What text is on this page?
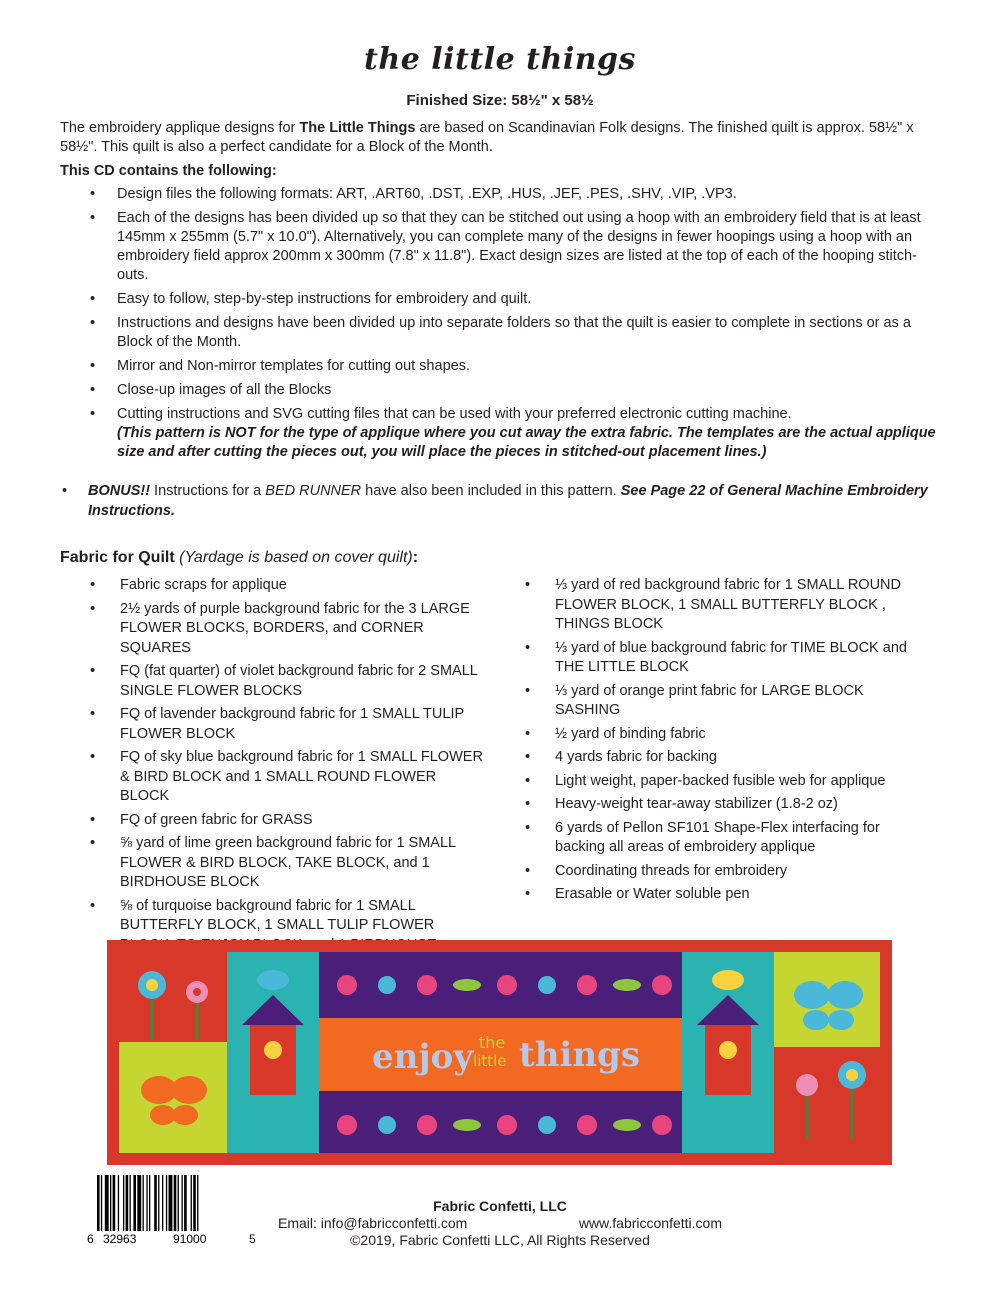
the little things
Finished Size: 58½" x 58½
The embroidery applique designs for The Little Things are based on Scandinavian Folk designs. The finished quilt is approx. 58½" x 58½". This quilt is also a perfect candidate for a Block of the Month.
This CD contains the following:
• Design files the following formats: ART, .ART60, .DST, .EXP, .HUS, .JEF, .PES, .SHV, .VIP, .VP3.
• Each of the designs has been divided up so that they can be stitched out using a hoop with an embroidery field that is at least 145mm x 255mm (5.7" x 10.0"). Alternatively, you can complete many of the designs in fewer hoopings using a hoop with an embroidery field approx 200mm x 300mm (7.8" x 11.8"). Exact design sizes are listed at the top of each of the hooping stitch-outs.
• Easy to follow, step-by-step instructions for embroidery and quilt.
• Instructions and designs have been divided up into separate folders so that the quilt is easier to complete in sections or as a Block of the Month.
• Mirror and Non-mirror templates for cutting out shapes.
• Close-up images of all the Blocks
• Cutting instructions and SVG cutting files that can be used with your preferred electronic cutting machine.
(This pattern is NOT for the type of applique where you cut away the extra fabric. The templates are the actual applique size and after cutting the pieces out, you will place the pieces in stitched-out placement lines.)
• BONUS!! Instructions for a BED RUNNER have also been included in this pattern. See Page 22 of General Machine Embroidery Instructions.
Fabric for Quilt (Yardage is based on cover quilt):
• Fabric scraps for applique
• 2½ yards of purple background fabric for the 3 LARGE FLOWER BLOCKS, BORDERS, and CORNER SQUARES
• FQ (fat quarter) of violet background fabric for 2 SMALL SINGLE FLOWER BLOCKS
• FQ of lavender background fabric for 1 SMALL TULIP FLOWER BLOCK
• FQ of sky blue background fabric for 1 SMALL FLOWER & BIRD BLOCK and 1 SMALL ROUND FLOWER BLOCK
• FQ of green fabric for GRASS
• ⅝ yard of lime green background fabric for 1 SMALL FLOWER & BIRD BLOCK, TAKE BLOCK, and 1 BIRDHOUSE BLOCK
• ⅝ of turquoise background fabric for 1 SMALL BUTTERFLY BLOCK, 1 SMALL TULIP FLOWER
• ⅓ yard of red background fabric for 1 SMALL ROUND FLOWER BLOCK, 1 SMALL BUTTERFLY BLOCK , THINGS BLOCK
• ⅓ yard of blue background fabric for TIME BLOCK and THE LITTLE BLOCK
• ⅓ yard of orange print fabric for LARGE BLOCK SASHING
• ½ yard of binding fabric
• 4 yards fabric for backing
• Light weight, paper-backed fusible web for applique
• Heavy-weight tear-away stabilizer (1.8-2 oz)
• 6 yards of Pellon SF101 Shape-Flex interfacing for backing all areas of embroidery applique
• Coordinating threads for embroidery
• Erasable or Water soluble pen
enjoy the
little things
6 32963	91000	5
Fabric Confetti, LLC
Email: info@fabricconfetti.com	www.fabricconfetti.com
©2019, Fabric Confetti LLC, All Rights Reserved
